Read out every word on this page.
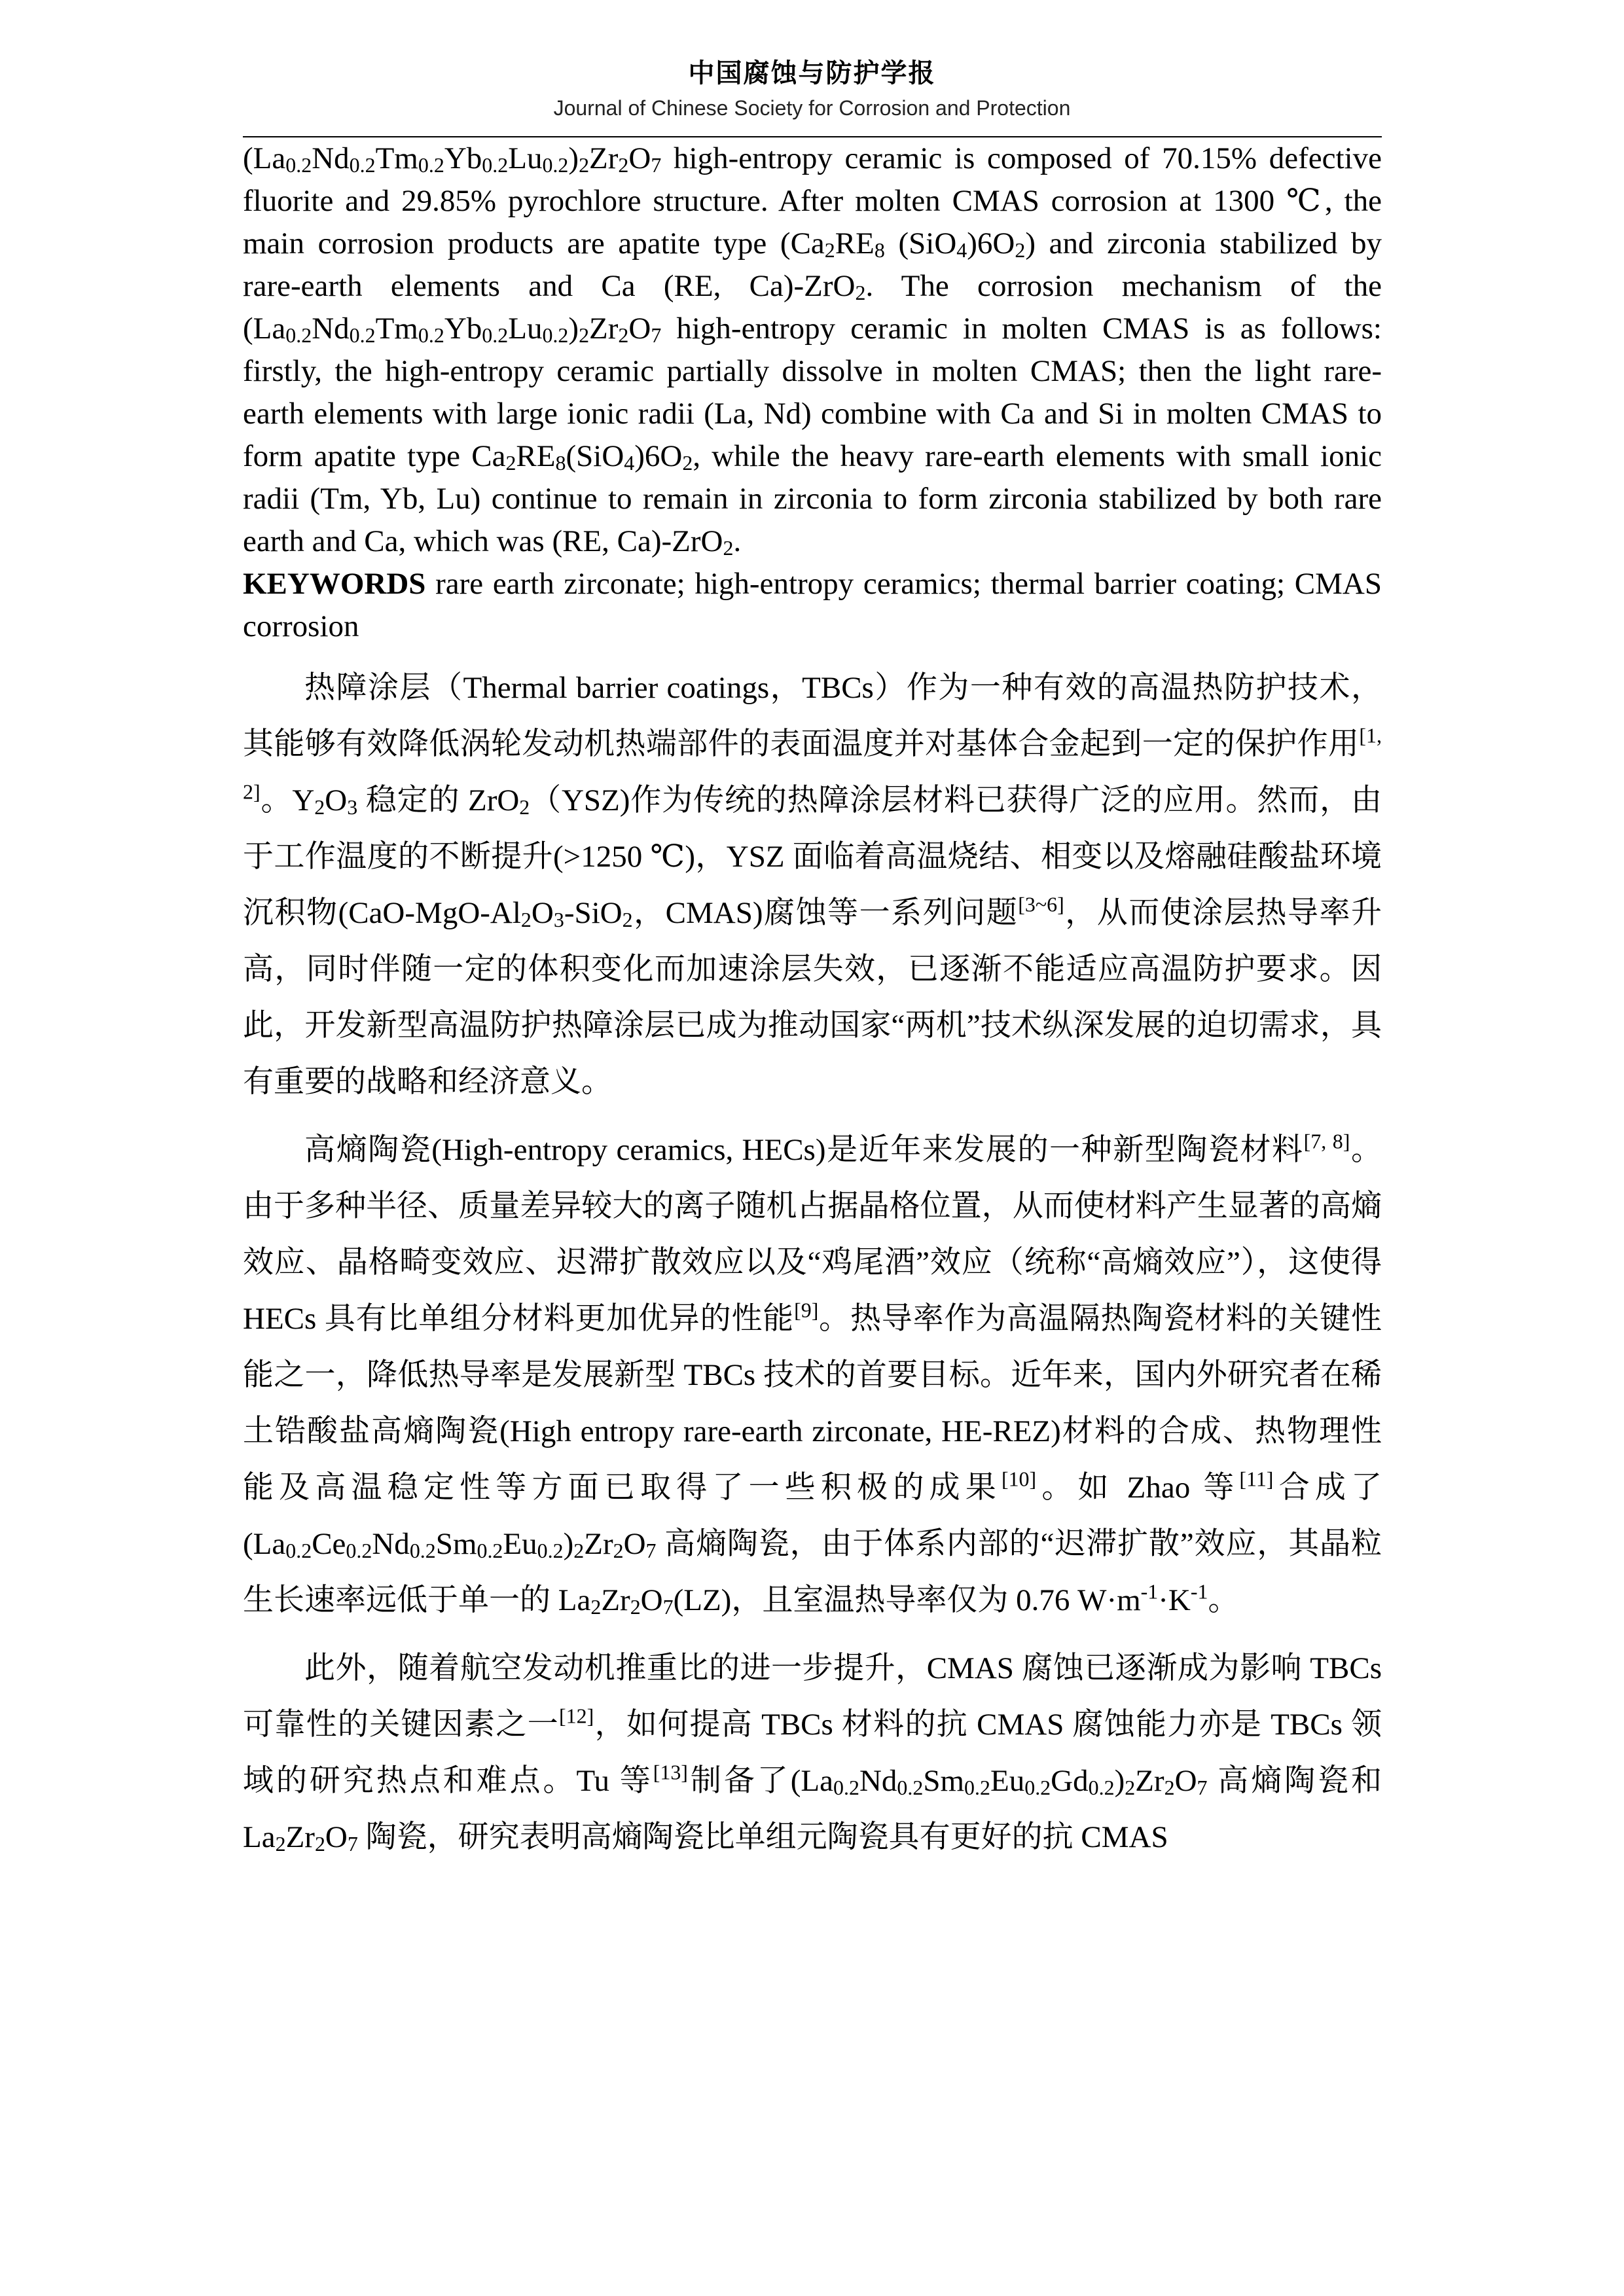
中国腐蚀与防护学报
Journal of Chinese Society for Corrosion and Protection

$(La_{0.2}Nd_{0.2}Tm_{0.2}Yb_{0.2}Lu_{0.2})_2Zr_2O_7$ high-entropy ceramic is composed of 70.15% defective fluorite and 29.85% pyrochlore structure. After molten CMAS corrosion at 1300 ℃, the main corrosion products are apatite type ($Ca_2RE_8$ $(SiO_4)6O_2$) and zirconia stabilized by rare-earth elements and Ca (RE, Ca)-ZrO$_2$. The corrosion mechanism of the $(La_{0.2}Nd_{0.2}Tm_{0.2}Yb_{0.2}Lu_{0.2})_2Zr_2O_7$ high-entropy ceramic in molten CMAS is as follows: firstly, the high-entropy ceramic partially dissolve in molten CMAS; then the light rare-earth elements with large ionic radii (La, Nd) combine with Ca and Si in molten CMAS to form apatite type $Ca_2RE_8(SiO_4)6O_2$, while the heavy rare-earth elements with small ionic radii (Tm, Yb, Lu) continue to remain in zirconia to form zirconia stabilized by both rare earth and Ca, which was (RE, Ca)-ZrO$_2$.

KEYWORDS rare earth zirconate; high-entropy ceramics; thermal barrier coating; CMAS corrosion

热障涂层（Thermal barrier coatings，TBCs）作为一种有效的高温热防护技术，其能够有效降低涡轮发动机热端部件的表面温度并对基体合金起到一定的保护作用[1, 2]。$Y_2O_3$ 稳定的 ZrO$_2$（YSZ)作为传统的热障涂层材料已获得广泛的应用。然而，由于工作温度的不断提升(>1250 ℃)，YSZ 面临着高温烧结、相变以及熔融硅酸盐环境沉积物($CaO-MgO-Al_2O_3-SiO_2$，CMAS)腐蚀等一系列问题[3~6]，从而使涂层热导率升高，同时伴随一定的体积变化而加速涂层失效，已逐渐不能适应高温防护要求。因此，开发新型高温防护热障涂层已成为推动国家“两机”技术纵深发展的迫切需求，具有重要的战略和经济意义。

高熵陶瓷(High-entropy ceramics, HECs)是近年来发展的一种新型陶瓷材料[7, 8]。由于多种半径、质量差异较大的离子随机占据晶格位置，从而使材料产生显著的高熵效应、晶格畸变效应、迟滞扩散效应以及“鸡尾酒”效应（统称“高熵效应”），这使得 HECs 具有比单组分材料更加优异的性能[9]。热导率作为高温隔热陶瓷材料的关键性能之一，降低热导率是发展新型 TBCs 技术的首要目标。近年来，国内外研究者在稀土锆酸盐高熵陶瓷(High entropy rare-earth zirconate, HE-REZ)材料的合成、热物理性能及高温稳定性等方面已取得了一些积极的成果[10]。如 Zhao 等[11]合成了$(La_{0.2}Ce_{0.2}Nd_{0.2}Sm_{0.2}Eu_{0.2})_2Zr_2O_7$ 高熵陶瓷，由于体系内部的“迟滞扩散”效应，其晶粒生长速率远低于单一的 $La_2Zr_2O_7(LZ)$，且室温热导率仅为 0.76 $W\cdot m^{-1}\cdot K^{-1}$。

此外，随着航空发动机推重比的进一步提升，CMAS 腐蚀已逐渐成为影响 TBCs 可靠性的关键因素之一[12]，如何提高 TBCs 材料的抗 CMAS 腐蚀能力亦是 TBCs 领域的研究热点和难点。Tu 等[13]制备了$(La_{0.2}Nd_{0.2}Sm_{0.2}Eu_{0.2}Gd_{0.2})_2Zr_2O_7$ 高熵陶瓷和 $La_2Zr_2O_7$ 陶瓷，研究表明高熵陶瓷比单组元陶瓷具有更好的抗 CMAS
